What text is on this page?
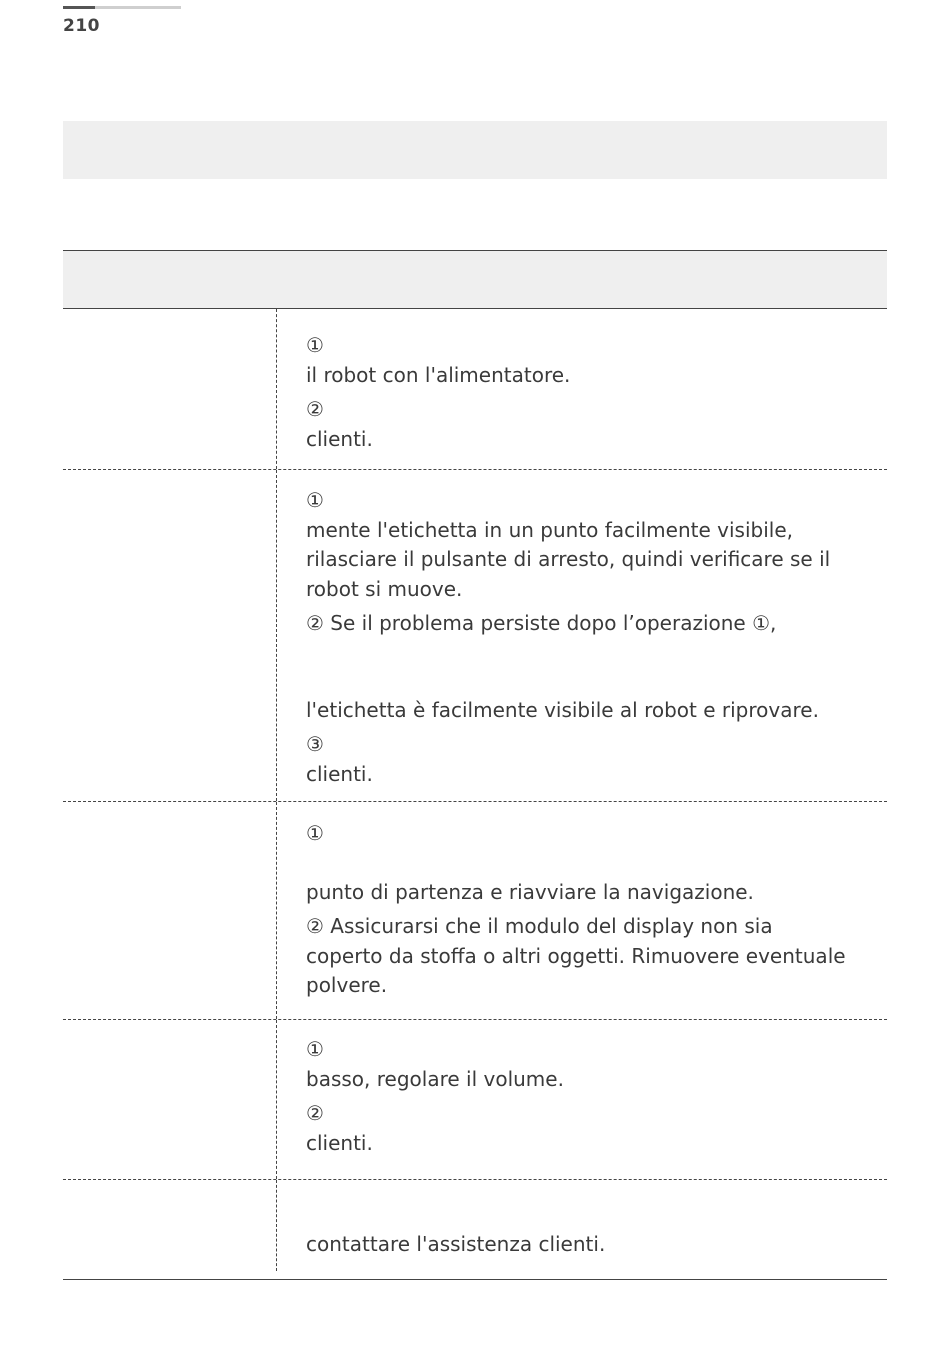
210
①
il robot con l'alimentatore.
②
clienti.
①
mente l'etichetta in un punto facilmente visibile,
rilasciare il pulsante di arresto, quindi verificare se il
robot si muove.
② Se il problema persiste dopo l’operazione ①,
l'etichetta è facilmente visibile al robot e riprovare.
③
clienti.
①
punto di partenza e riavviare la navigazione.
② Assicurarsi che il modulo del display non sia
coperto da stoffa o altri oggetti. Rimuovere eventuale
polvere.
①
basso, regolare il volume.
②
clienti.
contattare l'assistenza clienti.
